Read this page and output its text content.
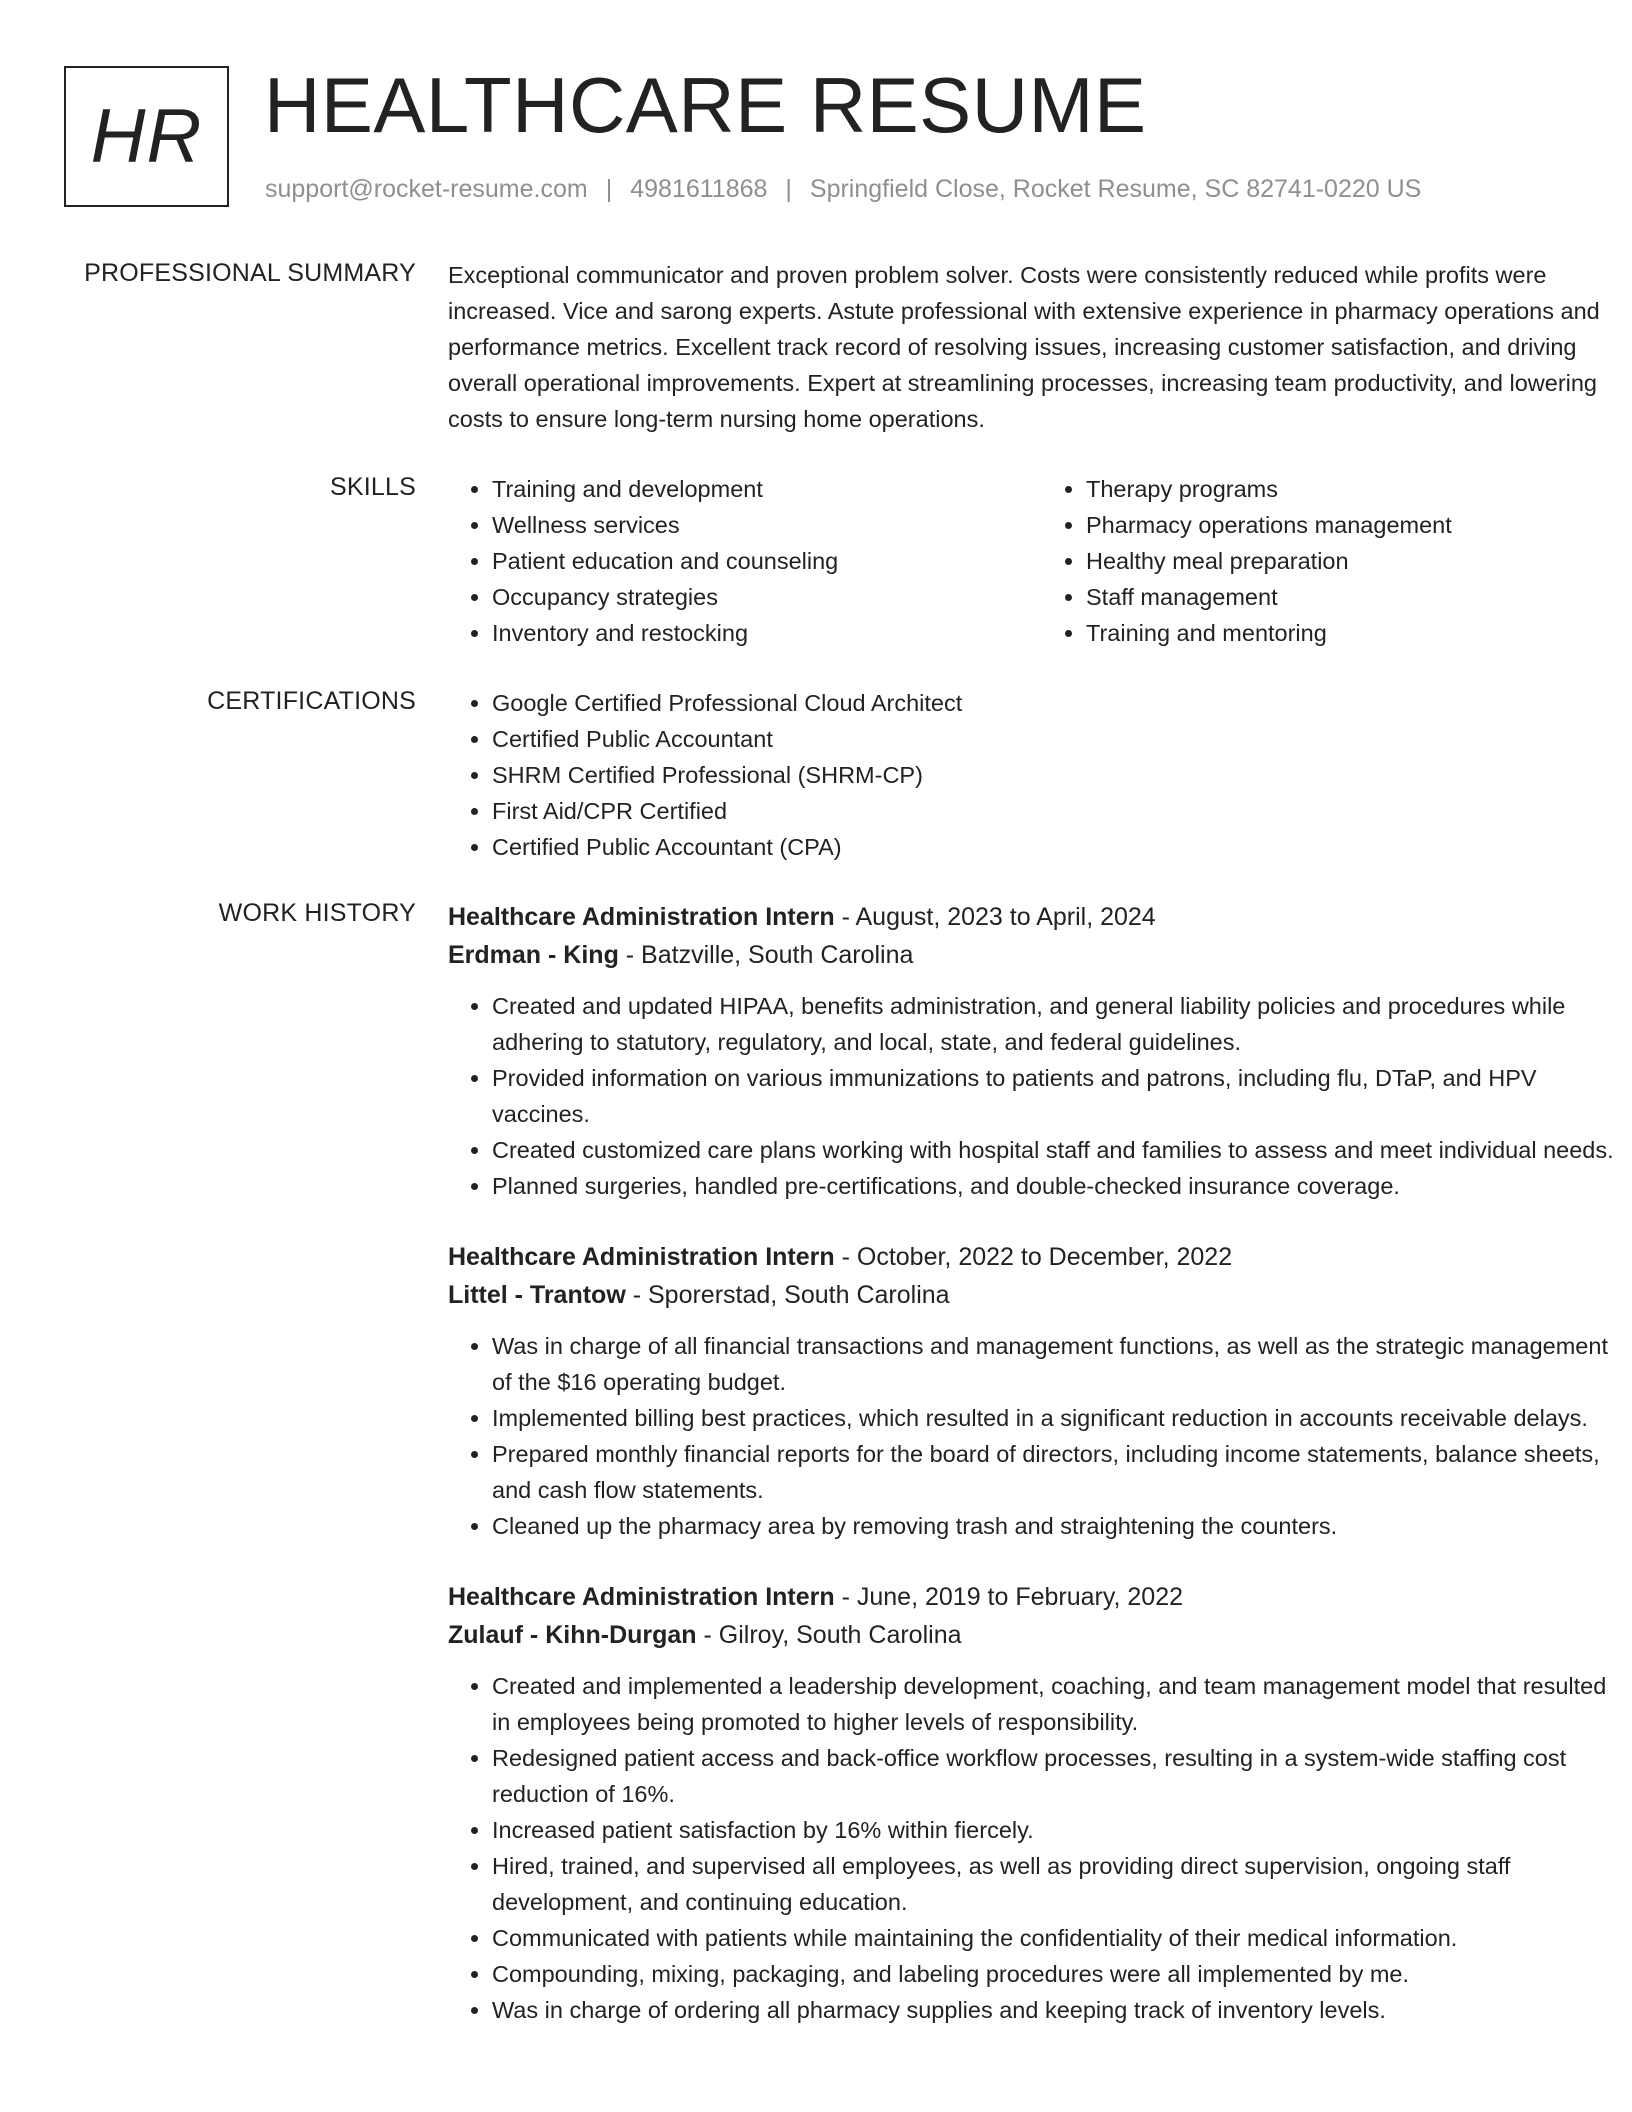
HR HEALTHCARE RESUME
support@rocket-resume.com | 4981611868 | Springfield Close, Rocket Resume, SC 82741-0220 US
PROFESSIONAL SUMMARY Exceptional communicator and proven problem solver. Costs were consistently reduced while profits were increased. Vice and sarong experts. Astute professional with extensive experience in pharmacy operations and performance metrics. Excellent track record of resolving issues, increasing customer satisfaction, and driving overall operational improvements. Expert at streamlining processes, increasing team productivity, and lowering costs to ensure long-term nursing home operations.

SKILLS	• Training and development
• Wellness services
• Patient education and counseling
• Occupancy strategies
• Inventory and restocking
• Therapy programs
• Pharmacy operations management
• Healthy meal preparation
• Staff management
• Training and mentoring
CERTIFICATIONS	• Google Certified Professional Cloud Architect
• Certified Public Accountant
• SHRM Certified Professional (SHRM-CP)
• First Aid/CPR Certified
• Certified Public Accountant (CPA)
WORK HISTORY Healthcare Administration Intern - August, 2023 to April, 2024
Erdman - King - Batzville, South Carolina
• Created and updated HIPAA, benefits administration, and general liability policies and procedures while adhering to statutory, regulatory, and local, state, and federal guidelines.
• Provided information on various immunizations to patients and patrons, including flu, DTaP, and HPV vaccines.
• Created customized care plans working with hospital staff and families to assess and meet individual needs.
• Planned surgeries, handled pre-certifications, and double-checked insurance coverage.
Healthcare Administration Intern - October, 2022 to December, 2022
Littel - Trantow - Sporerstad, South Carolina
• Was in charge of all financial transactions and management functions, as well as the strategic management of the $16 operating budget.
• Implemented billing best practices, which resulted in a significant reduction in accounts receivable delays.
• Prepared monthly financial reports for the board of directors, including income statements, balance sheets, and cash flow statements.
• Cleaned up the pharmacy area by removing trash and straightening the counters.
Healthcare Administration Intern - June, 2019 to February, 2022
Zulauf - Kihn-Durgan - Gilroy, South Carolina
• Created and implemented a leadership development, coaching, and team management model that resulted in employees being promoted to higher levels of responsibility.
• Redesigned patient access and back-office workflow processes, resulting in a system-wide staffing cost reduction of 16%.
• Increased patient satisfaction by 16% within fiercely.
• Hired, trained, and supervised all employees, as well as providing direct supervision, ongoing staff development, and continuing education.
• Communicated with patients while maintaining the confidentiality of their medical information.
• Compounding, mixing, packaging, and labeling procedures were all implemented by me.
• Was in charge of ordering all pharmacy supplies and keeping track of inventory levels.
